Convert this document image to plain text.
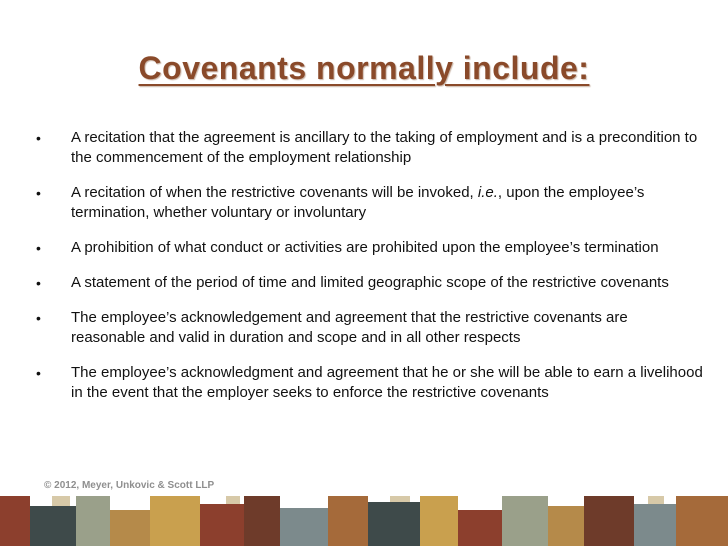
Covenants normally include:
•	A recitation that the agreement is ancillary to the taking of employment and is a precondition to the commencement of the employment relationship
•	A recitation of when the restrictive covenants will be invoked, i.e., upon the employee’s termination, whether voluntary or involuntary
•	A prohibition of what conduct or activities are prohibited upon the employee’s termination
•	A statement of the period of time and limited geographic scope of the restrictive covenants
•	The employee’s acknowledgement and agreement that the restrictive covenants are reasonable and valid in duration and scope and in all other respects
•	The employee’s acknowledgment and agreement that he or she will be able to earn a livelihood in the event that the employer seeks to enforce the restrictive covenants
© 2012, Meyer, Unkovic & Scott LLP
